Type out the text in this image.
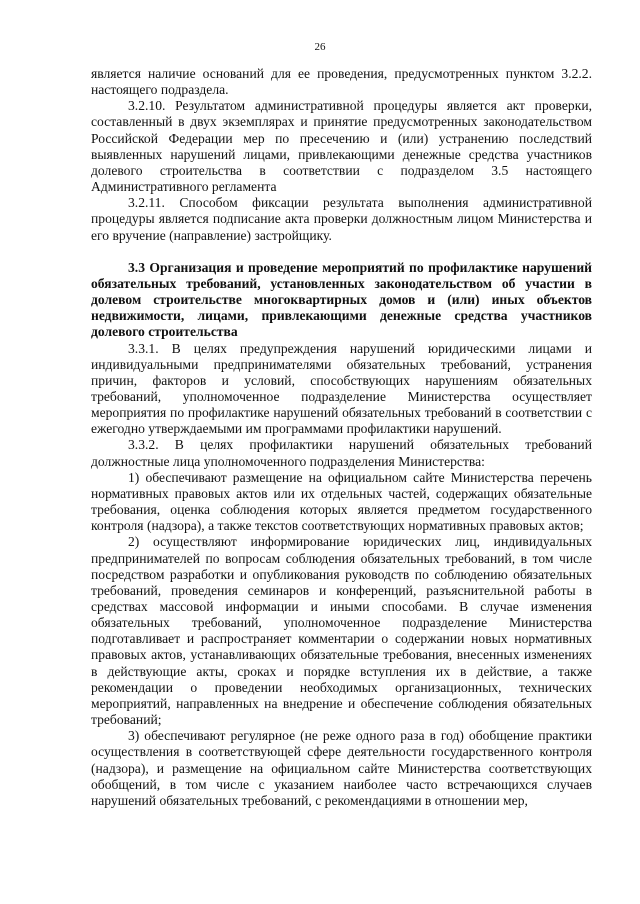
26

является наличие оснований для ее проведения, предусмотренных пунктом 3.2.2. настоящего подраздела.

3.2.10. Результатом административной процедуры является акт проверки, составленный в двух экземплярах и принятие предусмотренных законодательством Российской Федерации мер по пресечению и (или) устранению последствий выявленных нарушений лицами, привлекающими денежные средства участников долевого строительства в соответствии с подразделом 3.5 настоящего Административного регламента

3.2.11. Способом фиксации результата выполнения административной процедуры является подписание акта проверки должностным лицом Министерства и его вручение (направление) застройщику.

3.3 Организация и проведение мероприятий по профилактике нарушений обязательных требований, установленных законодательством об участии в долевом строительстве многоквартирных домов и (или) иных объектов недвижимости, лицами, привлекающими денежные средства участников долевого строительства

3.3.1. В целях предупреждения нарушений юридическими лицами и индивидуальными предпринимателями обязательных требований, устранения причин, факторов и условий, способствующих нарушениям обязательных требований, уполномоченное подразделение Министерства осуществляет мероприятия по профилактике нарушений обязательных требований в соответствии с ежегодно утверждаемыми им программами профилактики нарушений.

3.3.2. В целях профилактики нарушений обязательных требований должностные лица уполномоченного подразделения Министерства:

1) обеспечивают размещение на официальном сайте Министерства перечень нормативных правовых актов или их отдельных частей, содержащих обязательные требования, оценка соблюдения которых является предметом государственного контроля (надзора), а также текстов соответствующих нормативных правовых актов;

2) осуществляют информирование юридических лиц, индивидуальных предпринимателей по вопросам соблюдения обязательных требований, в том числе посредством разработки и опубликования руководств по соблюдению обязательных требований, проведения семинаров и конференций, разъяснительной работы в средствах массовой информации и иными способами. В случае изменения обязательных требований, уполномоченное подразделение Министерства подготавливает и распространяет комментарии о содержании новых нормативных правовых актов, устанавливающих обязательные требования, внесенных изменениях в действующие акты, сроках и порядке вступления их в действие, а также рекомендации о проведении необходимых организационных, технических мероприятий, направленных на внедрение и обеспечение соблюдения обязательных требований;

3) обеспечивают регулярное (не реже одного раза в год) обобщение практики осуществления в соответствующей сфере деятельности государственного контроля (надзора), и размещение на официальном сайте Министерства соответствующих обобщений, в том числе с указанием наиболее часто встречающихся случаев нарушений обязательных требований, с рекомендациями в отношении мер,
